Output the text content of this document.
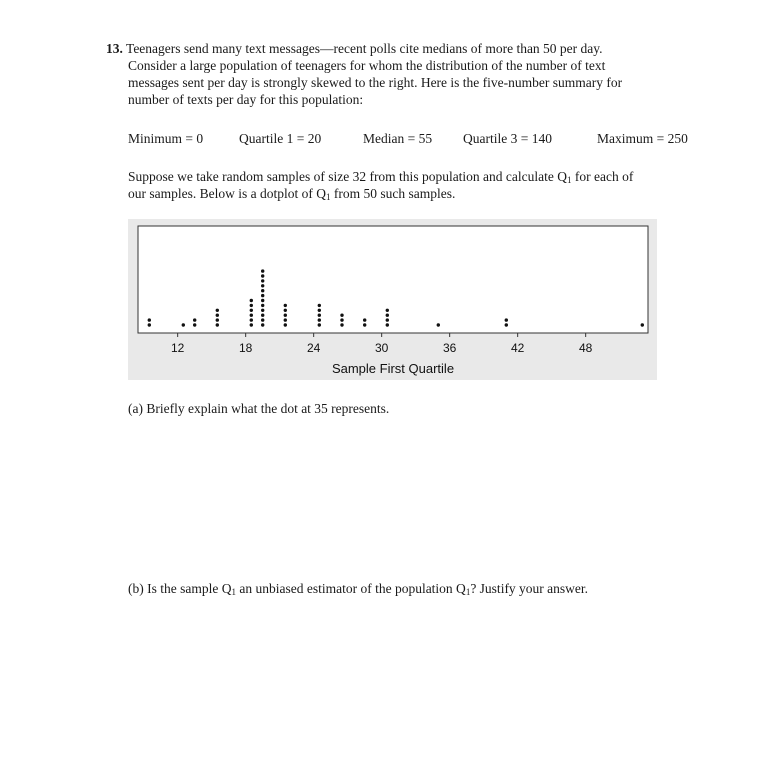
13. Teenagers send many text messages—recent polls cite medians of more than 50 per day.
Consider a large population of teenagers for whom the distribution of the number of text
messages sent per day is strongly skewed to the right. Here is the five-number summary for
number of texts per day for this population:
Minimum = 0	Quartile 1 = 20	Median = 55 Quartile 3 = 140	Maximum = 250
Suppose we take random samples of size 32 from this population and calculate $Q_1$ for each of
our samples. Below is a dotplot of $Q_1$ from 50 such samples.
12	18	24	30	36	42	48
Sample First Quartile
(a) Briefly explain what the dot at 35 represents.
(b) Is the sample $Q_1$ an unbiased estimator of the population $Q_1$? Justify your answer.
